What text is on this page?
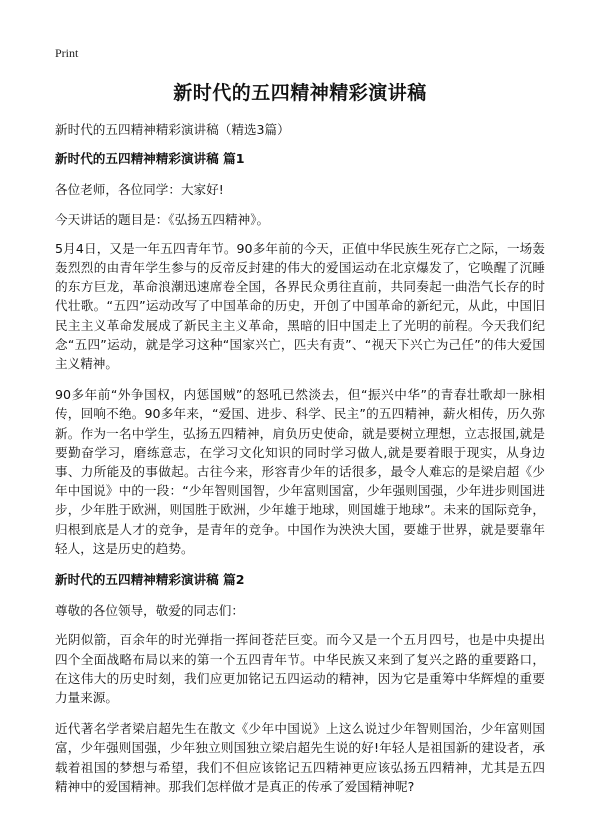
Print
新时代的五四精神精彩演讲稿

新时代的五四精神精彩演讲稿（精选3篇）

新时代的五四精神精彩演讲稿 篇1

各位老师，各位同学：大家好!

今天讲话的题目是：《弘扬五四精神》。

5月4日，又是一年五四青年节。90多年前的今天，正值中华民族生死存亡之际，一场轰轰烈烈的由青年学生参与的反帝反封建的伟大的爱国运动在北京爆发了，它唤醒了沉睡的东方巨龙，革命浪潮迅速席卷全国，各界民众勇往直前，共同奏起一曲浩气长存的时代壮歌。“五四”运动改写了中国革命的历史，开创了中国革命的新纪元，从此，中国旧民主主义革命发展成了新民主主义革命，黑暗的旧中国走上了光明的前程。今天我们纪念“五四”运动，就是学习这种“国家兴亡，匹夫有责”、“视天下兴亡为己任”的伟大爱国主义精神。

90多年前“外争国权，内惩国贼”的怒吼已然淡去，但“振兴中华”的青春壮歌却一脉相传，回响不绝。90多年来，“爱国、进步、科学、民主”的五四精神，薪火相传，历久弥新。作为一名中学生，弘扬五四精神，肩负历史使命，就是要树立理想，立志报国,就是要勤奋学习，磨练意志，在学习文化知识的同时学习做人,就是要着眼于现实，从身边事、力所能及的事做起。古往今来，形容青少年的话很多，最令人难忘的是梁启超《少年中国说》中的一段：“少年智则国智，少年富则国富，少年强则国强，少年进步则国进步，少年胜于欧洲，则国胜于欧洲，少年雄于地球，则国雄于地球”。未来的国际竞争，归根到底是人才的竞争，是青年的竞争。中国作为泱泱大国，要雄于世界，就是要靠年轻人，这是历史的趋势。

新时代的五四精神精彩演讲稿 篇2

尊敬的各位领导，敬爱的同志们：

光阴似箭，百余年的时光弹指一挥间苍茫巨变。而今又是一个五月四号，也是中央提出四个全面战略布局以来的第一个五四青年节。中华民族又来到了复兴之路的重要路口，在这伟大的历史时刻，我们应更加铭记五四运动的精神，因为它是重筹中华辉煌的重要力量来源。

近代著名学者梁启超先生在散文《少年中国说》上这么说过少年智则国治，少年富则国富，少年强则国强，少年独立则国独立梁启超先生说的好!年轻人是祖国新的建设者，承载着祖国的梦想与希望，我们不但应该铭记五四精神更应该弘扬五四精神，尤其是五四精神中的爱国精神。那我们怎样做才是真正的传承了爱国精神呢?
